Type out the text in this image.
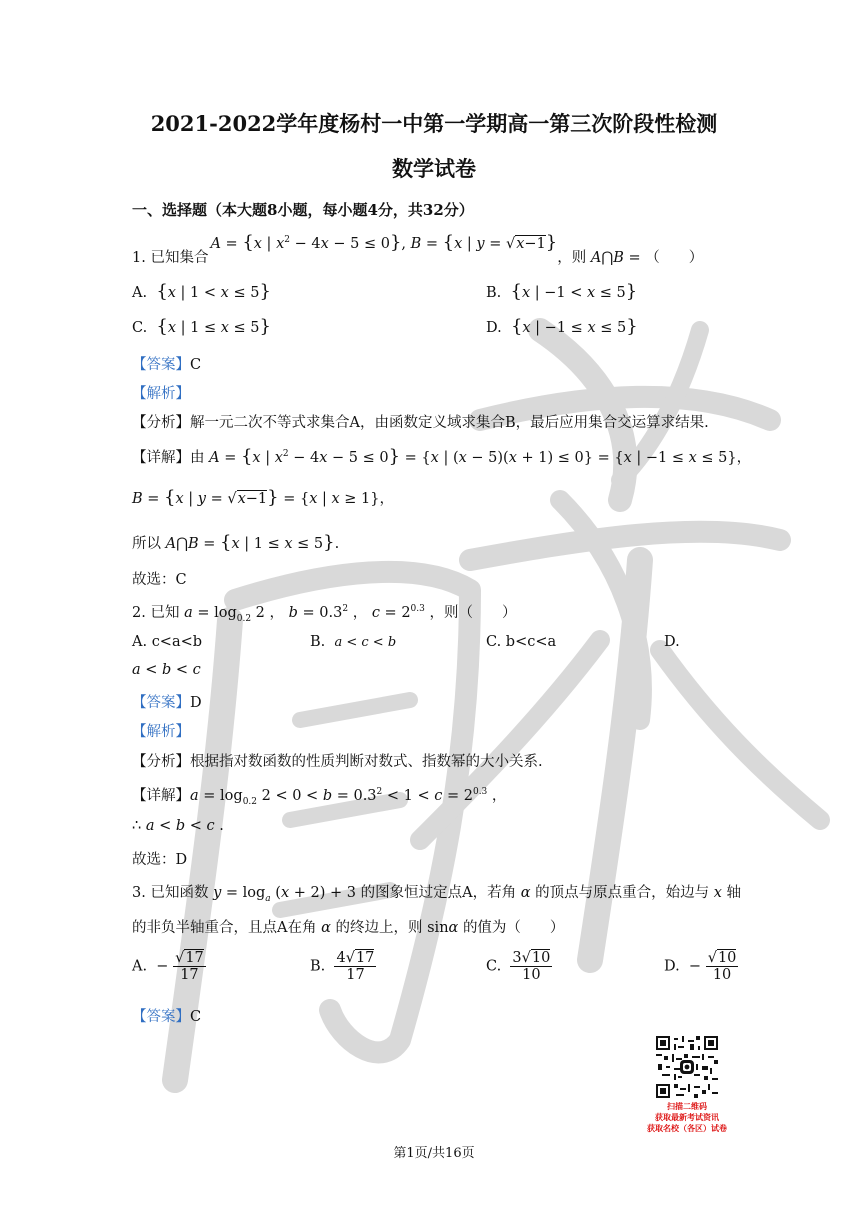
2021-2022学年度杨村一中第一学期高一第三次阶段性检测
数学试卷
一、选择题（本大题8小题，每小题4分，共32分）
1. 已知集合A = {x | $x^2 - 4x - 5 \le 0$}, B = {x | y = √x−1}，则 A⋂B = （　　）
A. {x | 1 < x ≤ 5}	B. {x | −1 < x ≤ 5}
C. {x | 1 ≤ x ≤ 5}	D. {x | −1 ≤ x ≤ 5}
【答案】C
【解析】
【分析】解一元二次不等式求集合A，由函数定义域求集合B，最后应用集合交运算求结果.
【详解】由 A = {x | $x^2 - 4x - 5 \le 0\} = \{x$ | (x − 5)(x + 1) ≤ 0} = {x | −1 ≤ x ≤ 5}，
B = {x | y = √x−1} = {x | x ≥ 1}，
所以 A⋂B = {x | 1 ≤ x ≤ 5}.
故选：C
2. 已知 $a = \log_{0.2} 2$ ， $b = 0.3^2$ ， $c = 2^{0.3}$ ，则（　　）
A. c<a<b	B. a < c < b	C. b<c<a	D.
a < b < c
【答案】D
【解析】
【分析】根据指对数函数的性质判断对数式、指数幂的大小关系.
【详解】$a = \log_{0.2} 2 < 0 < b = 0.3^2 < 1 < c = 2^{0.3}$ ，
∴ a < b < c .
故选：D
3. 已知函数 $y = \log_a (x + 2) + 3$ 的图象恒过定点A，若角 α 的顶点与原点重合，始边与 x 轴
的非负半轴重合，且点A在角 α 的终边上，则 sinα 的值为（　　）
A.  − $\frac{√17}{17}$	B. $\frac{4√17}{17}$	C. $\frac{3√10}{10}$	D.  − $\frac{√10}{10}$
【答案】C
扫描二维码
获取最新考试资讯
获取名校（各区）试卷
第1页/共16页
